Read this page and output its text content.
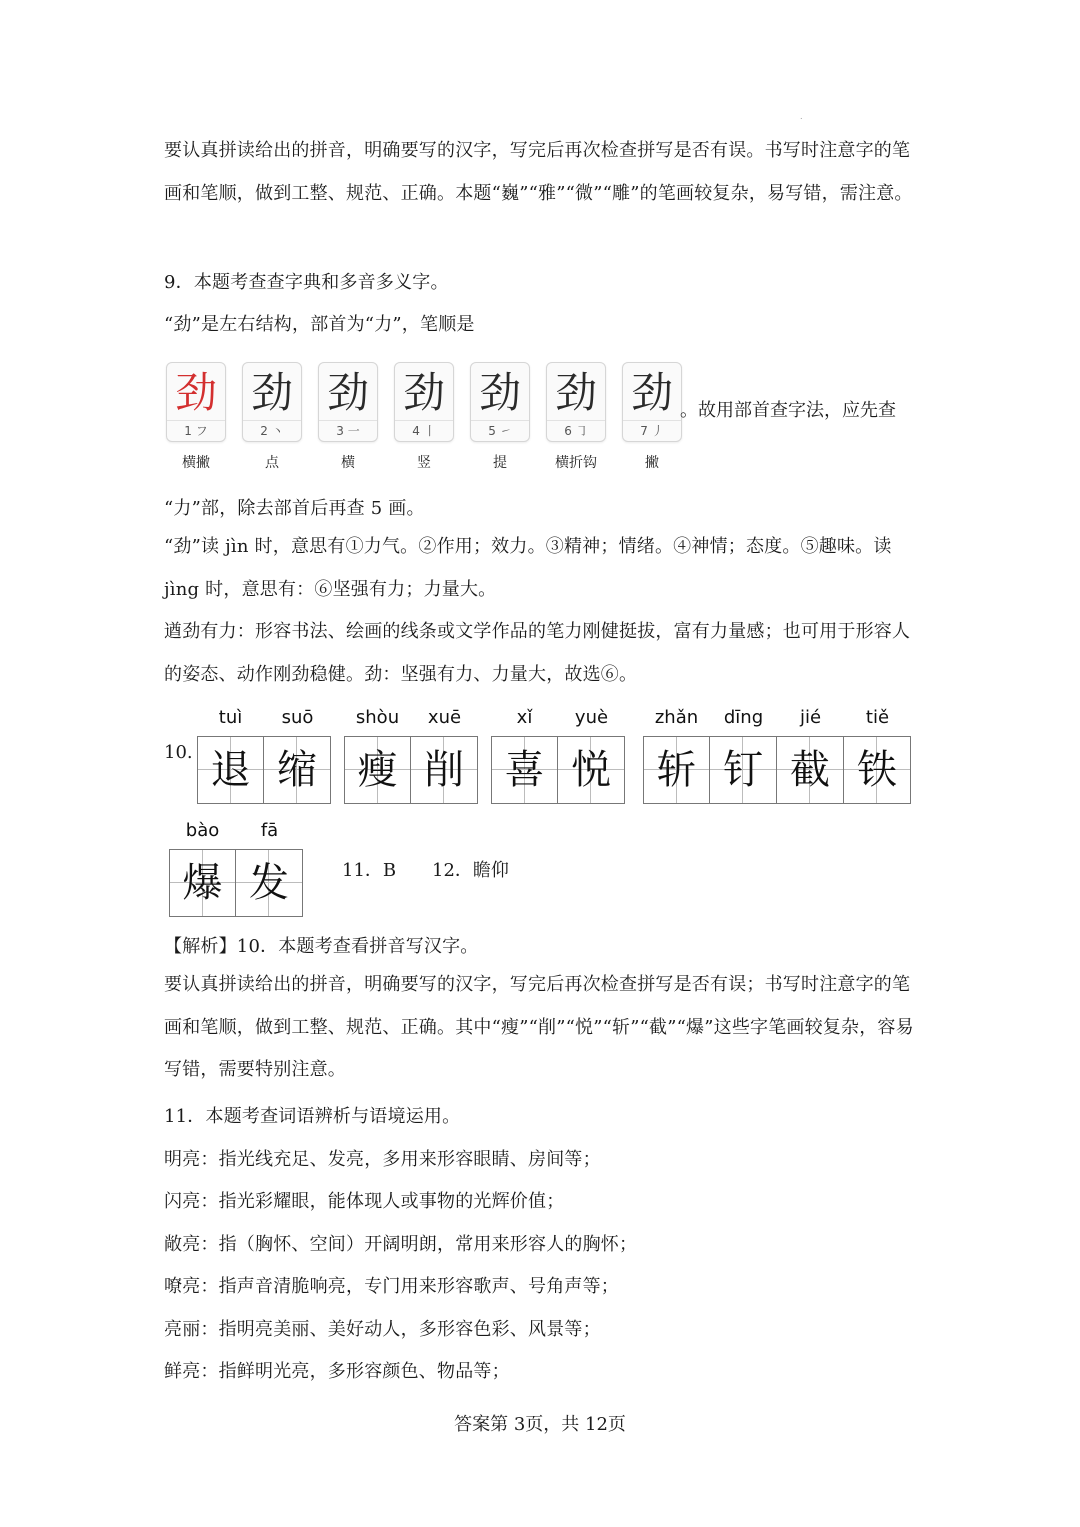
.

要认真拼读给出的拼音，明确要写的汉字，写完后再次检查拼写是否有误。书写时注意字的笔画和笔顺，做到工整、规范、正确。本题“巍”“雅”“微”“雕”的笔画较复杂，易写错，需注意。

9．本题考查查字典和多音多义字。
“劲”是左右结构，部首为“力”，笔顺是
劲
1 フ
横撇
劲
2 丶
点
劲
3 一
横
劲
4 丨
竖
劲
5 ㇀
提
劲
6 ㇆
横折钩
劲
7 丿
撇
。故用部首查字法，应先查
“力”部，除去部首后再查 5 画。

“劲”读 jìn 时，意思有①力气。②作用；效力。③精神；情绪。④神情；态度。⑤趣味。读 jìng 时，意思有：⑥坚强有力；力量大。

遒劲有力：形容书法、绘画的线条或文学作品的笔力刚健挺拔，富有力量感；也可用于形容人的姿态、动作刚劲稳健。劲：坚强有力、力量大，故选⑥。

10.
tuì
退
suō
缩
shòu
瘦
xuē
削
xǐ
喜
yuè
悦
zhǎn
斩
dīng
钉
jié
截
tiě
铁
bào
爆
fā
发	11．B 12．瞻仰
【解析】10．本题考查看拼音写汉字。

要认真拼读给出的拼音，明确要写的汉字，写完后再次检查拼写是否有误；书写时注意字的笔画和笔顺，做到工整、规范、正确。其中“瘦”“削”“悦”“斩”“截”“爆”这些字笔画较复杂，容易写错，需要特别注意。

11．本题考查词语辨析与语境运用。
明亮：指光线充足、发亮，多用来形容眼睛、房间等；
闪亮：指光彩耀眼，能体现人或事物的光辉价值；
敞亮：指（胸怀、空间）开阔明朗，常用来形容人的胸怀；
嘹亮：指声音清脆响亮，专门用来形容歌声、号角声等；
亮丽：指明亮美丽、美好动人，多形容色彩、风景等；
鲜亮：指鲜明光亮，多形容颜色、物品等；
答案第 3页，共 12页
